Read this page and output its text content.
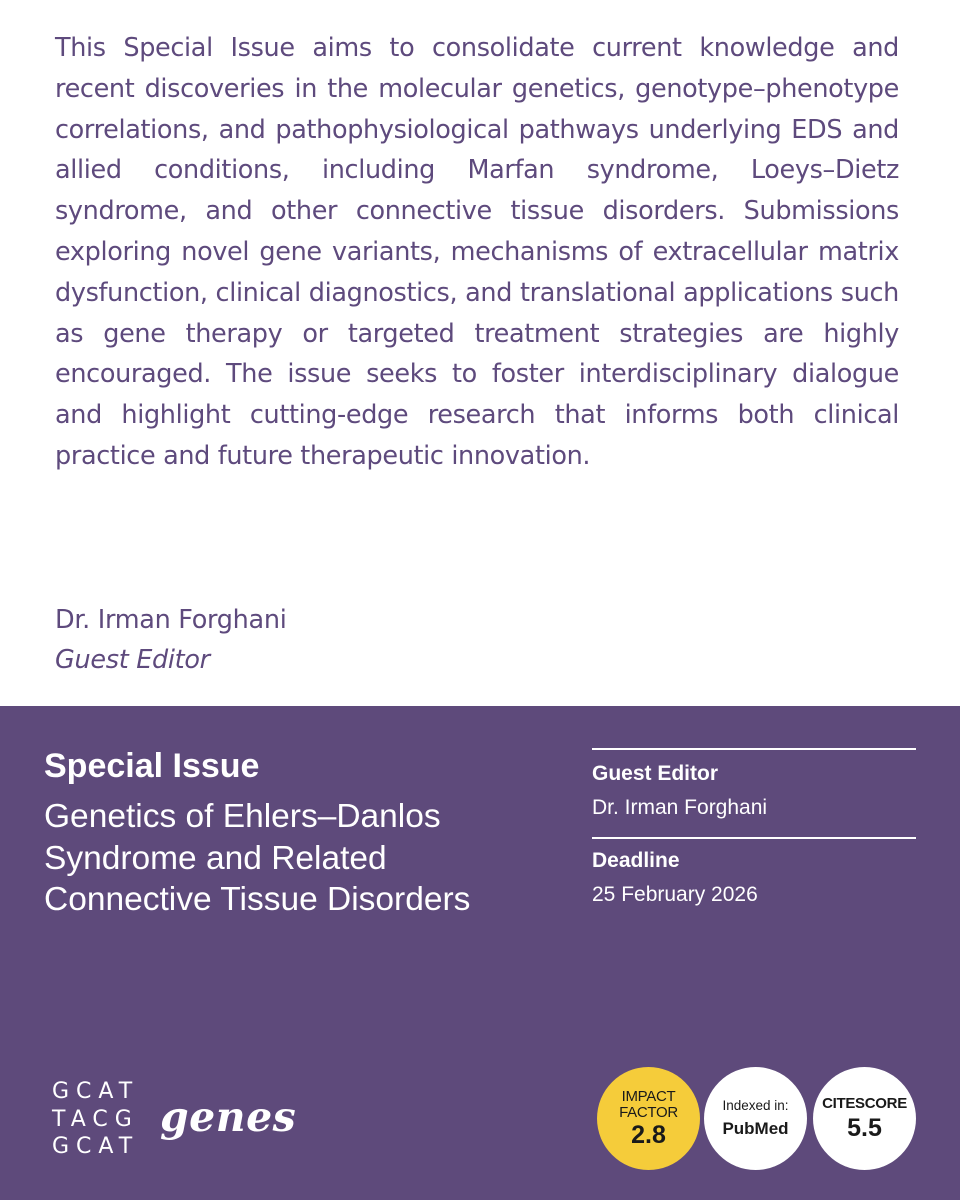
This Special Issue aims to consolidate current knowledge and recent discoveries in the molecular genetics, genotype–phenotype correlations, and pathophysiological pathways underlying EDS and allied conditions, including Marfan syndrome, Loeys–Dietz syndrome, and other connective tissue disorders. Submissions exploring novel gene variants, mechanisms of extracellular matrix dysfunction, clinical diagnostics, and translational applications such as gene therapy or targeted treatment strategies are highly encouraged. The issue seeks to foster interdisciplinary dialogue and highlight cutting-edge research that informs both clinical practice and future therapeutic innovation.

Dr. Irman Forghani
Guest Editor
Special Issue
Genetics of Ehlers–Danlos
Syndrome and Related
Connective Tissue Disorders
Guest Editor
Dr. Irman Forghani
Deadline
25 February 2026
GCAT
TACG
GCAT
genes	IMPACT
FACTOR
2.8
Indexed in:
PubMed
CITESCORE
5.5
